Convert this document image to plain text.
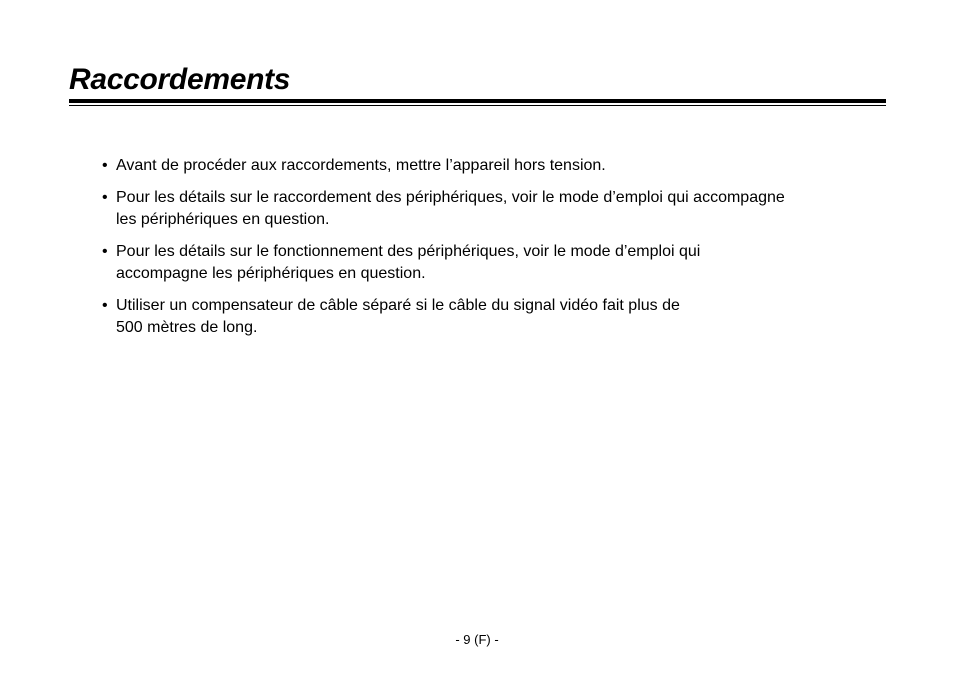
Raccordements
• Avant de procéder aux raccordements, mettre l’appareil hors tension.
• Pour les détails sur le raccordement des périphériques, voir le mode d’emploi qui accompagne
les périphériques en question.
• Pour les détails sur le fonctionnement des périphériques, voir le mode d’emploi qui
accompagne les périphériques en question.
• Utiliser un compensateur de câble séparé si le câble du signal vidéo fait plus de
500 mètres de long.
- 9 (F) -
